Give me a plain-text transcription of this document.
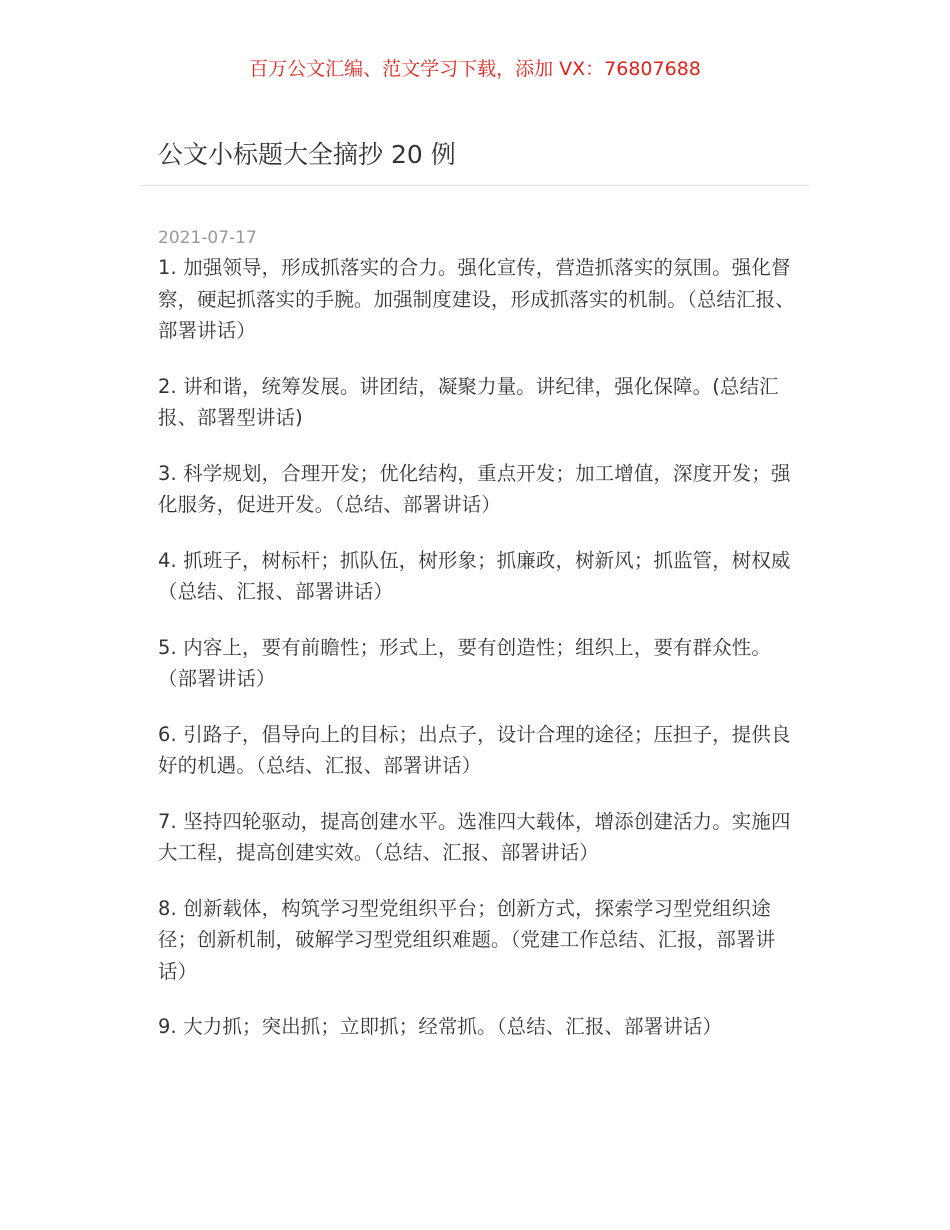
百万公文汇编、范文学习下载，添加 VX：76807688
公文小标题大全摘抄 20 例
2021-07-17
1. 加强领导，形成抓落实的合力。强化宣传，营造抓落实的氛围。强化督察，硬起抓落实的手腕。加强制度建设，形成抓落实的机制。（总结汇报、部署讲话）
2. 讲和谐，统筹发展。讲团结，凝聚力量。讲纪律，强化保障。(总结汇报、部署型讲话)
3. 科学规划，合理开发；优化结构，重点开发；加工增值，深度开发；强化服务，促进开发。（总结、部署讲话）
4. 抓班子，树标杆；抓队伍，树形象；抓廉政，树新风；抓监管，树权威（总结、汇报、部署讲话）
5. 内容上，要有前瞻性；形式上，要有创造性；组织上，要有群众性。（部署讲话）
6. 引路子，倡导向上的目标；出点子，设计合理的途径；压担子，提供良好的机遇。（总结、汇报、部署讲话）
7. 坚持四轮驱动，提高创建水平。选准四大载体，增添创建活力。实施四大工程，提高创建实效。（总结、汇报、部署讲话）
8. 创新载体，构筑学习型党组织平台；创新方式，探索学习型党组织途径；创新机制，破解学习型党组织难题。（党建工作总结、汇报，部署讲话）
9. 大力抓；突出抓；立即抓；经常抓。（总结、汇报、部署讲话）
